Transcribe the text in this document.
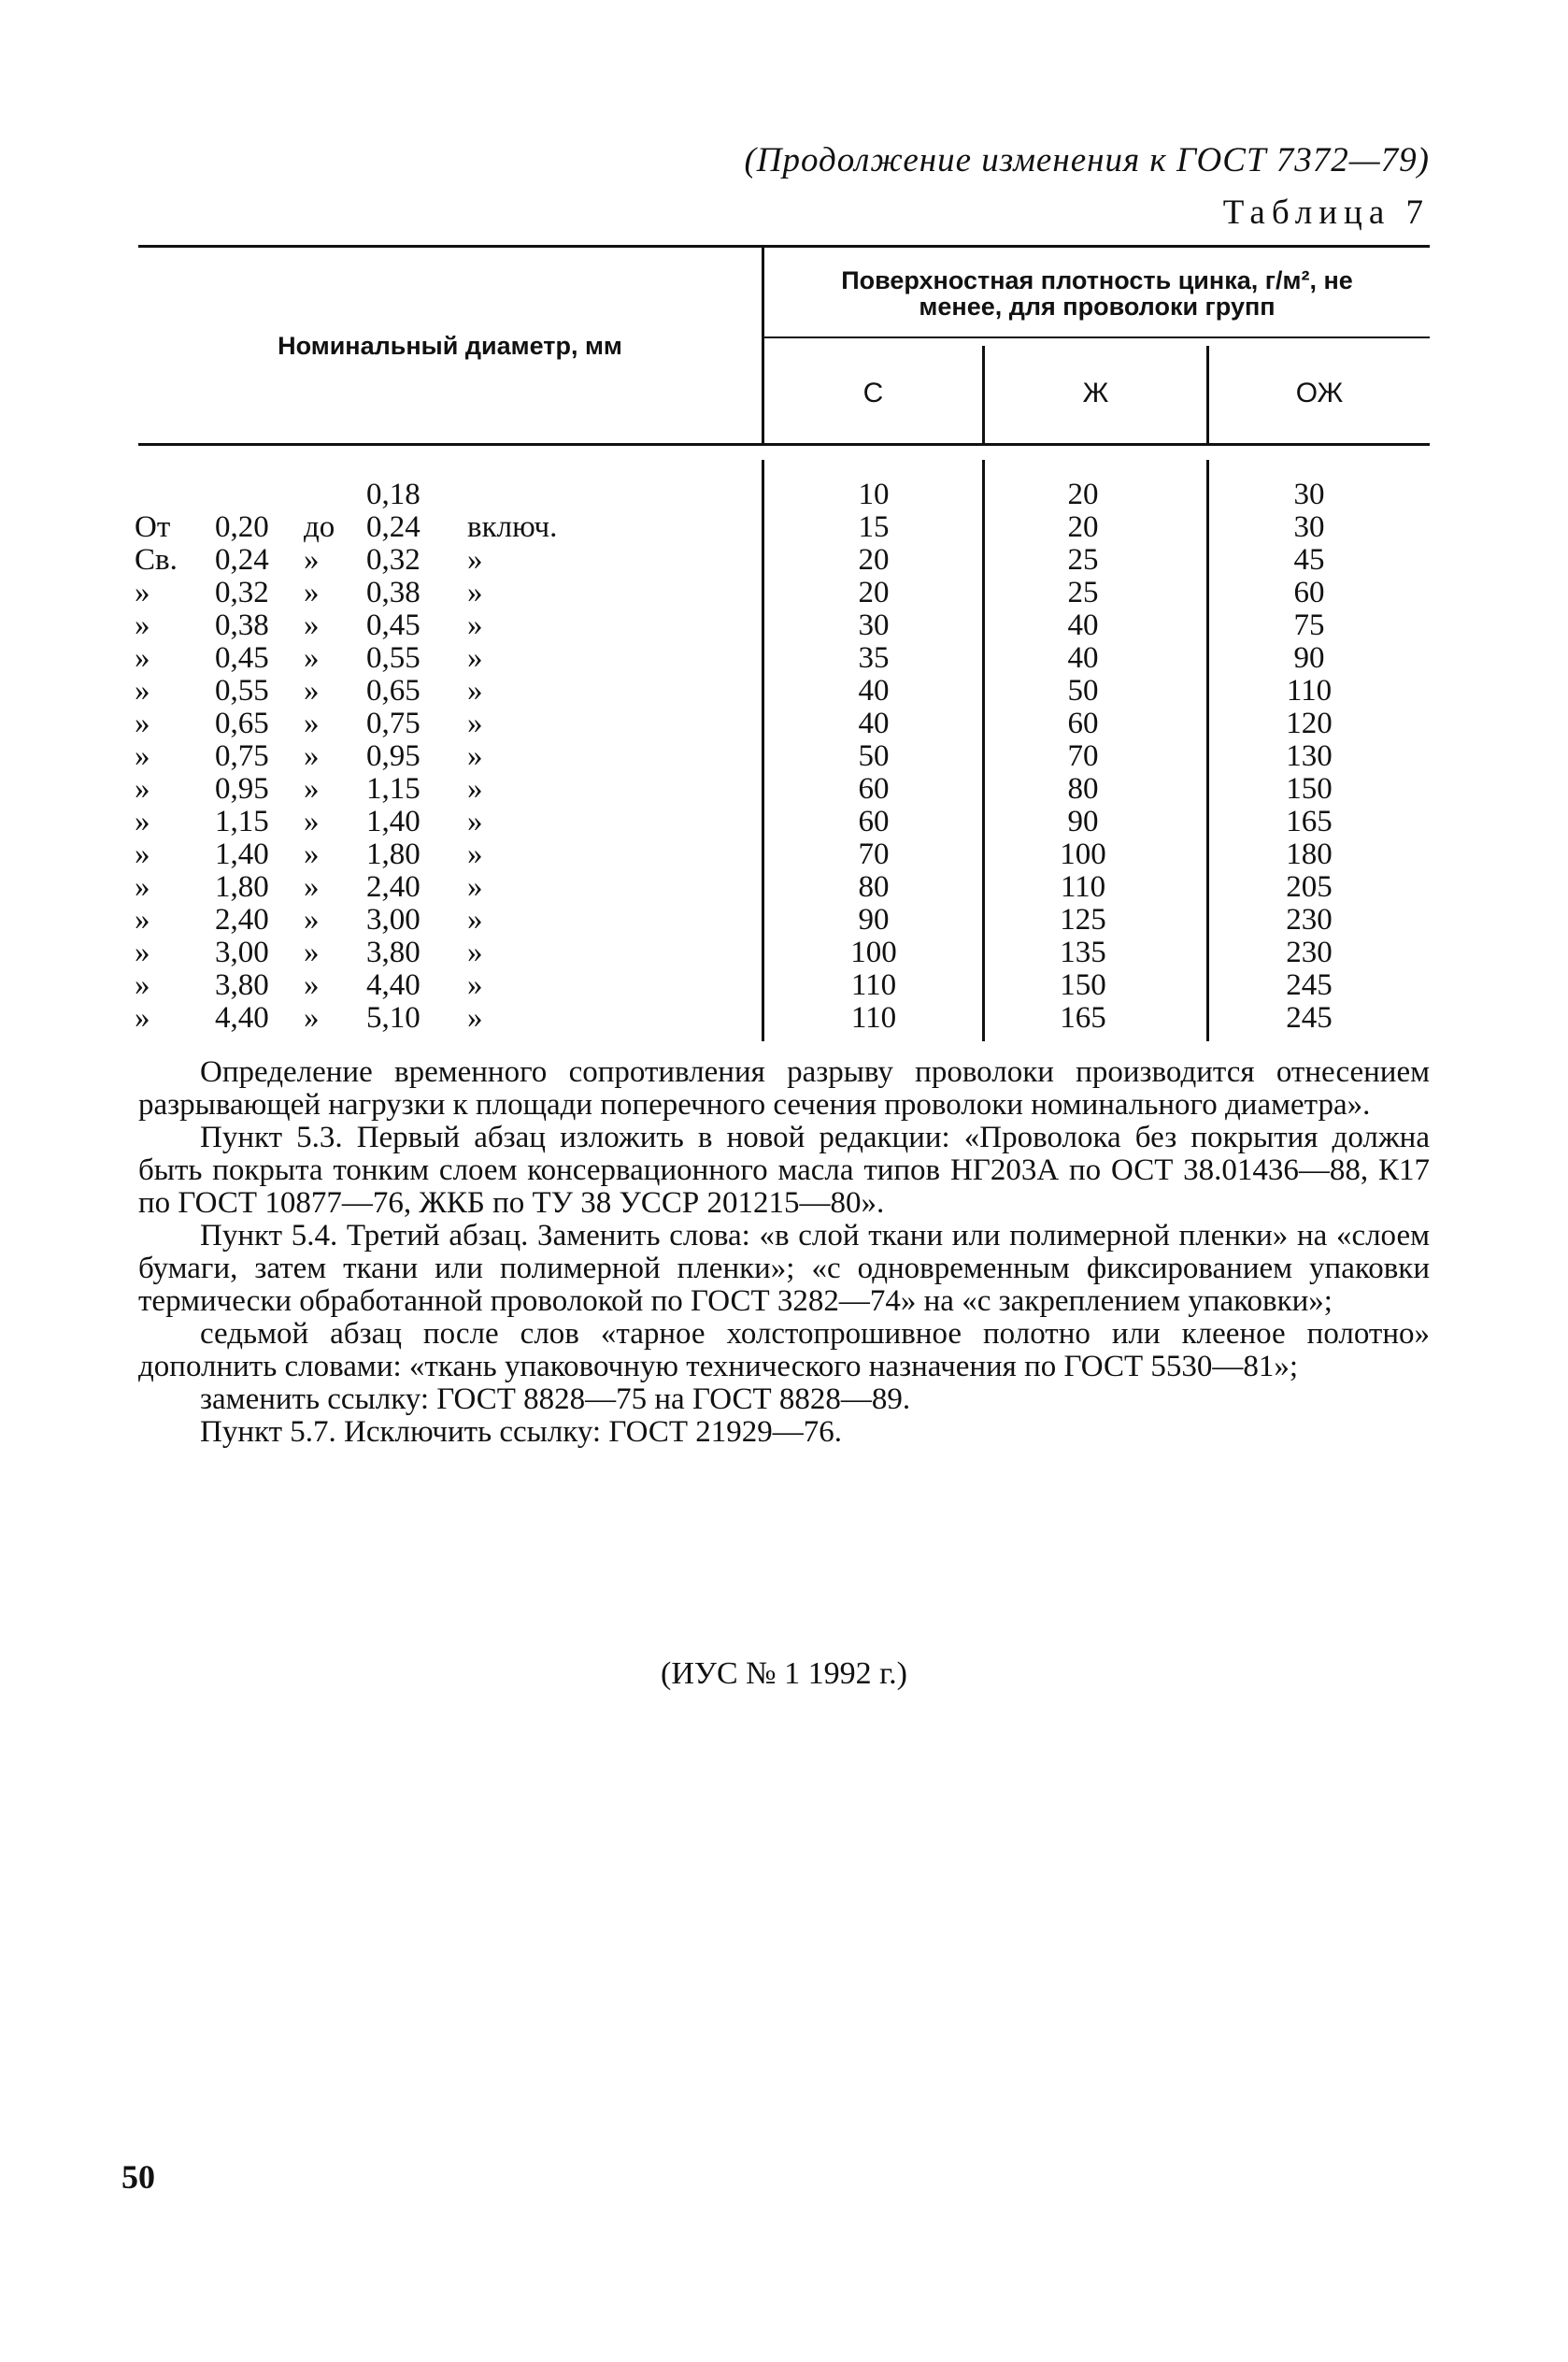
(Продолжение изменения к ГОСТ 7372—79)
Таблица 7
Номинальный диаметр, мм
Поверхностная плотность цинка, г/м², не
менее, для проволоки групп
С	Ж	ОЖ
0,18	10	20	30
От 0,20 до 0,24 включ.	15	20	30
Св. 0,24 » 0,32 »	20	25	45
» 0,32 » 0,38 »	20	25	60
» 0,38 » 0,45 »	30	40	75
» 0,45 » 0,55 »	35	40	90
» 0,55 » 0,65 »	40	50	110
» 0,65 » 0,75 »	40	60	120
» 0,75 » 0,95 »	50	70	130
» 0,95 » 1,15 »	60	80	150
» 1,15 » 1,40 »	60	90	165
» 1,40 » 1,80 »	70	100	180
» 1,80 » 2,40 »	80	110	205
» 2,40 » 3,00 »	90	125	230
» 3,00 » 3,80 »	100	135	230
» 3,80 » 4,40 »	110	150	245
» 4,40 » 5,10 »	110	165	245

Определение временного сопротивления разрыву проволоки производится отнесением разрывающей нагрузки к площади поперечного сечения проволоки номинального диаметра».

Пункт 5.3. Первый абзац изложить в новой редакции: «Проволока без покрытия должна быть покрыта тонким слоем консервационного масла типов НГ203А по ОСТ 38.01436—88, К17 по ГОСТ 10877—76, ЖКБ по ТУ 38 УССР 201215—80».

Пункт 5.4. Третий абзац. Заменить слова: «в слой ткани или полимерной пленки» на «слоем бумаги, затем ткани или полимерной пленки»; «с одновременным фиксированием упаковки термически обработанной проволокой по ГОСТ 3282—74» на «с закреплением упаковки»;

седьмой абзац после слов «тарное холстопрошивное полотно или клееное полотно» дополнить словами: «ткань упаковочную технического назначения по ГОСТ 5530—81»;

заменить ссылку: ГОСТ 8828—75 на ГОСТ 8828—89.

Пункт 5.7. Исключить ссылку: ГОСТ 21929—76.

(ИУС № 1 1992 г.)
50
